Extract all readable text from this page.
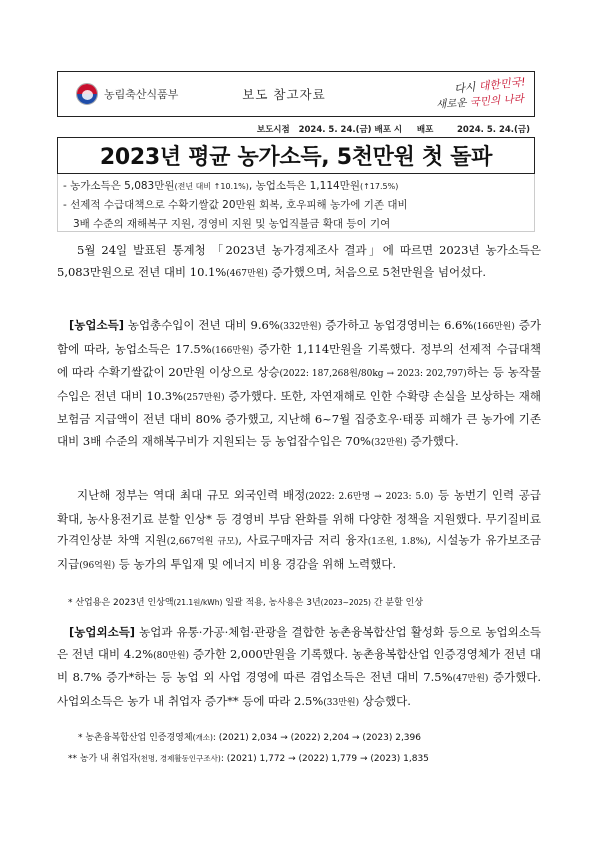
농림축산식품부	보도 참고자료	다시 대한민국!
새로운 국민의 나라
보도시점   2024. 5. 24.(금) 배포 시     배포        2024. 5. 24.(금)
2023년 평균 농가소득, 5천만원 첫 돌파
- 농가소득은 5,083만원(전년 대비 ↑10.1%), 농업소득은 1,114만원(↑17.5%)
- 선제적 수급대책으로 수확기쌀값 20만원 회복, 호우피해 농가에 기존 대비
3배 수준의 재해복구 지원, 경영비 지원 및 농업직불금 확대 등이 기여
5월 24일 발표된 통계청 「2023년 농가경제조사 결과」에 따르면 2023년 농가소득은 5,083만원으로 전년 대비 10.1%(467만원) 증가했으며, 처음으로 5천만원을 넘어섰다.
[농업소득] 농업총수입이 전년 대비 9.6%(332만원) 증가하고 농업경영비는 6.6%(166만원) 증가함에 따라, 농업소득은 17.5%(166만원) 증가한 1,114만원을 기록했다. 정부의 선제적 수급대책에 따라 수확기쌀값이 20만원 이상으로 상승(2022: 187,268원/80kg → 2023: 202,797)하는 등 농작물수입은 전년 대비 10.3%(257만원) 증가했다. 또한, 자연재해로 인한 수확량 손실을 보상하는 재해보험금 지급액이 전년 대비 80% 증가했고, 지난해 6~7월 집중호우·태풍 피해가 큰 농가에 기존 대비 3배 수준의 재해복구비가 지원되는 등 농업잡수입은 70%(32만원) 증가했다.
지난해 정부는 역대 최대 규모 외국인력 배정(2022: 2.6만명 → 2023: 5.0) 등 농번기 인력 공급 확대, 농사용전기료 분할 인상* 등 경영비 부담 완화를 위해 다양한 정책을 지원했다. 무기질비료 가격인상분 차액 지원(2,667억원 규모), 사료구매자금 저리 융자(1조원, 1.8%), 시설농가 유가보조금 지급(96억원) 등 농가의 투입재 및 에너지 비용 경감을 위해 노력했다.
* 산업용은 2023년 인상액(21.1원/kWh) 일괄 적용, 농사용은 3년(2023~2025) 간 분할 인상
[농업외소득] 농업과 유통·가공·체험·관광을 결합한 농촌융복합산업 활성화 등으로 농업외소득은 전년 대비 4.2%(80만원) 증가한 2,000만원을 기록했다. 농촌융복합산업 인증경영체가 전년 대비 8.7% 증가*하는 등 농업 외 사업 경영에 따른 겸업소득은 전년 대비 7.5%(47만원) 증가했다. 사업외소득은 농가 내 취업자 증가** 등에 따라 2.5%(33만원) 상승했다.
* 농촌융복합산업 인증경영체(개소): (2021) 2,034 → (2022) 2,204 → (2023) 2,396
** 농가 내 취업자(천명, 경제활동인구조사): (2021) 1,772 → (2022) 1,779 → (2023) 1,835
